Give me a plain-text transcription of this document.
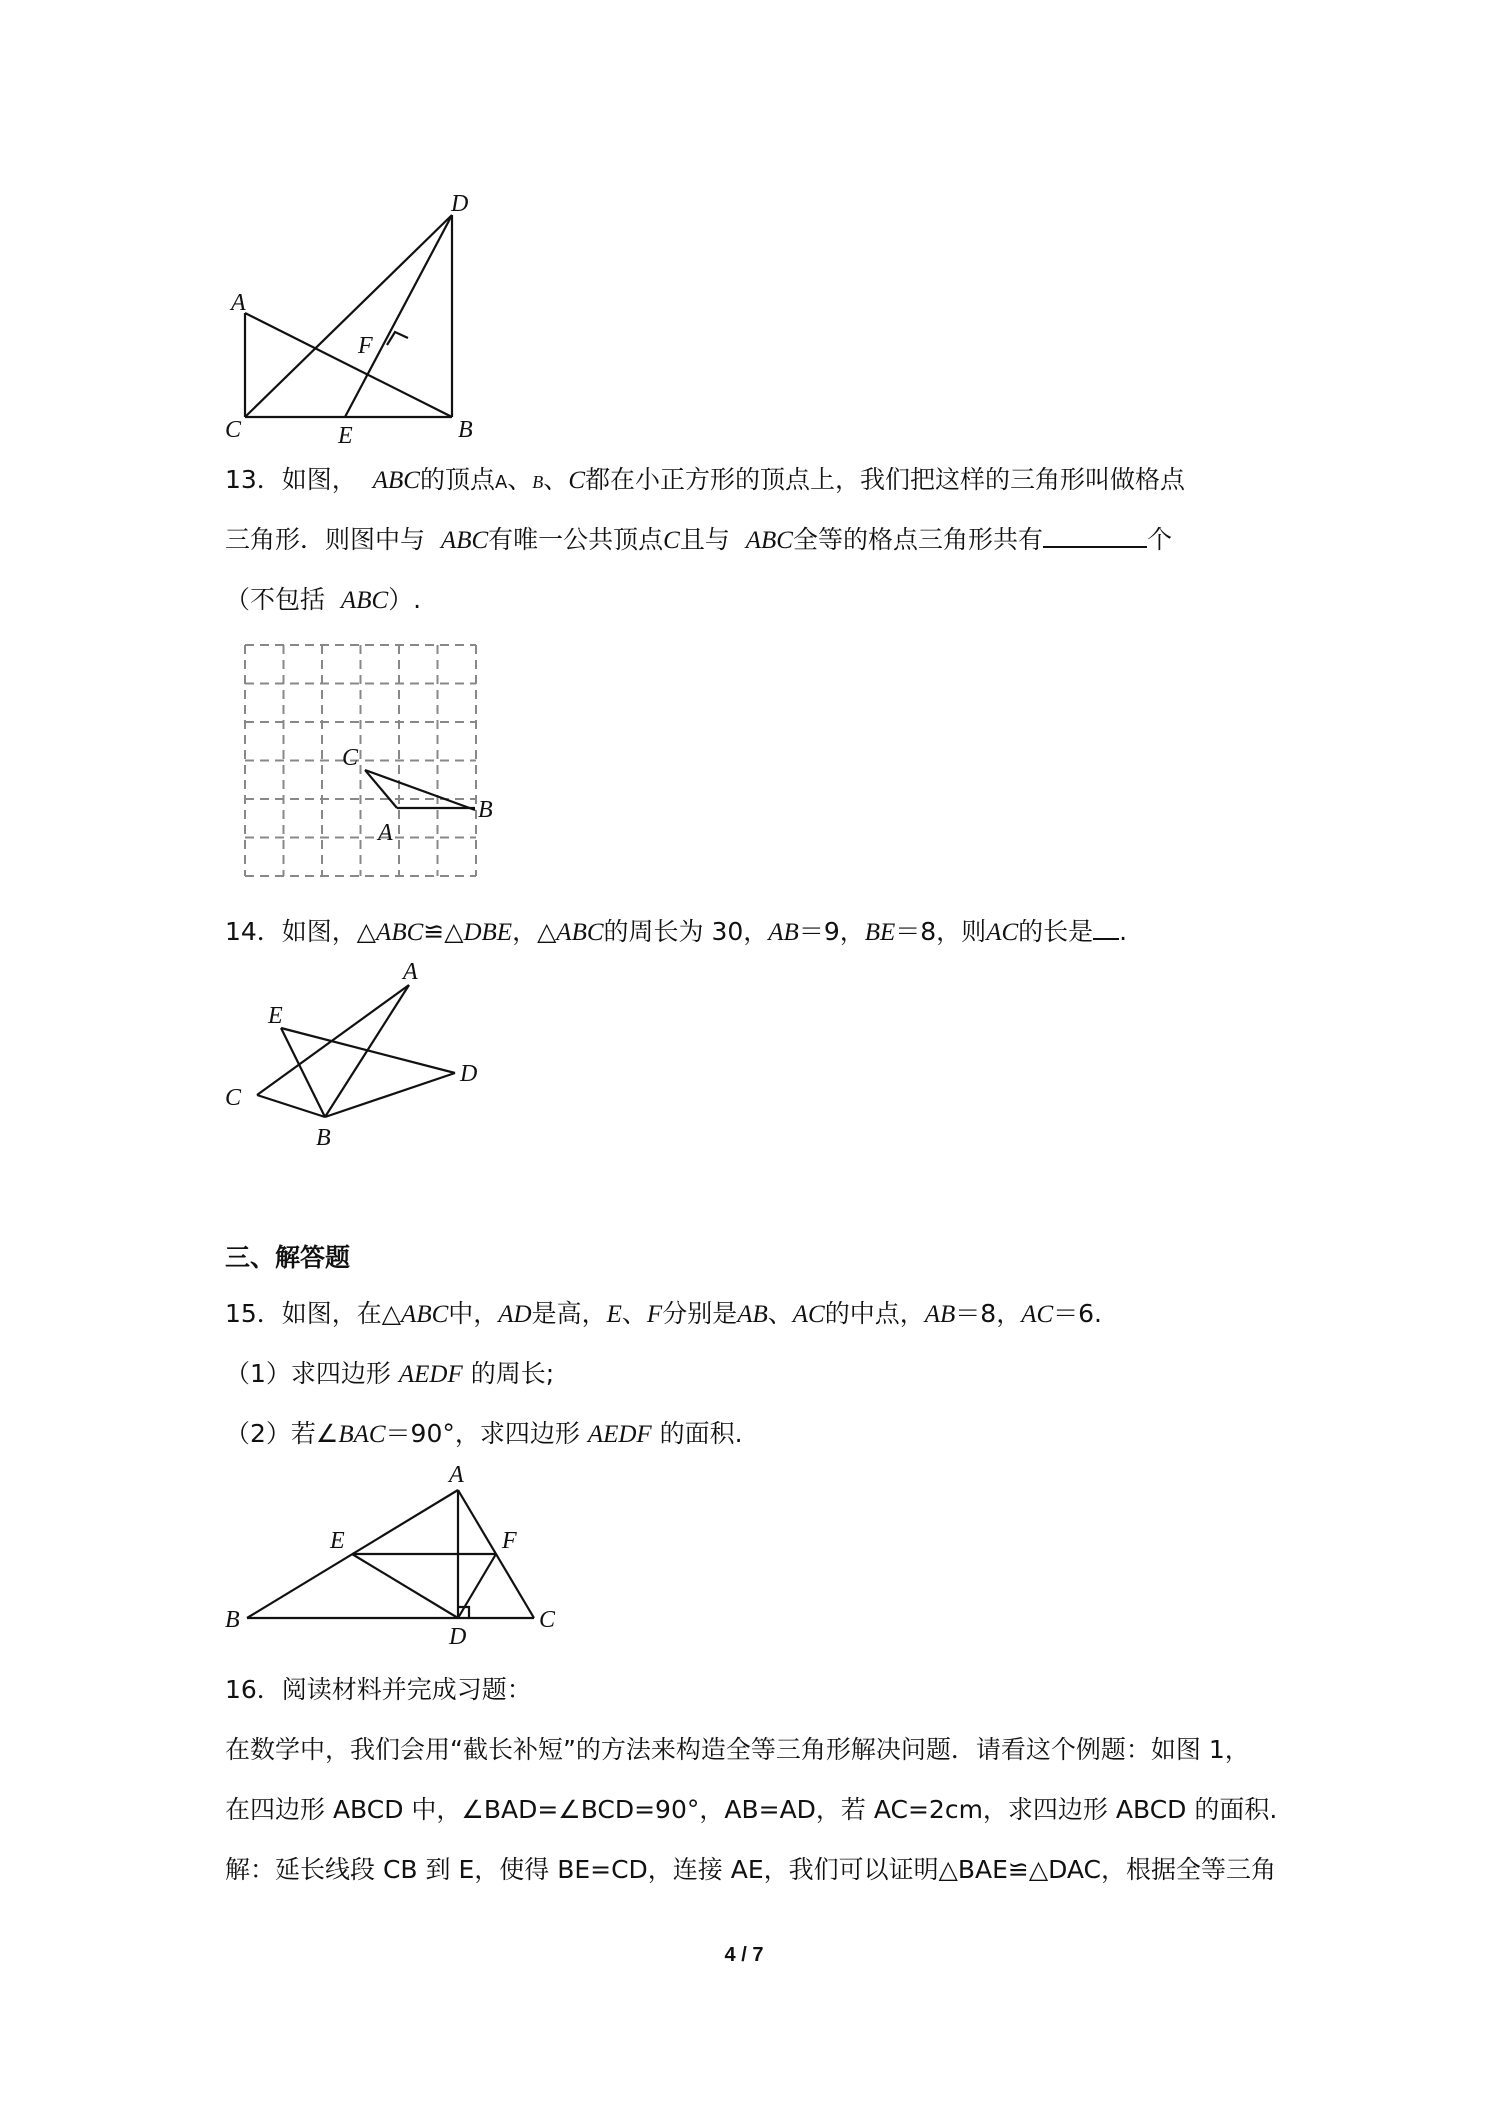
A
C	B
D
E
F
13．如图， ABC的顶点A、B、C都在小正方形的顶点上，我们把这样的三角形叫做格点
三角形．则图中与 ABC有唯一公共顶点C且与 ABC全等的格点三角形共有	个
（不包括 ABC）.
C
A
B
14．如图，△ABC≌△DBE，△ABC的周长为 30，AB＝9，BE＝8，则AC的长是 .
A
E
C
D
B
三、解答题
15．如图，在△ABC中，AD是高，E、F分别是AB、AC的中点，AB＝8，AC＝6.
（1）求四边形 AEDF 的周长;
（2）若∠BAC＝90°，求四边形 AEDF 的面积.
A
E	F
B
D
C
16．阅读材料并完成习题：
在数学中，我们会用“截长补短”的方法来构造全等三角形解决问题．请看这个例题：如图 1，
在四边形 ABCD 中，∠BAD=∠BCD=90°，AB=AD，若 AC=2cm，求四边形 ABCD 的面积.
解：延长线段 CB 到 E，使得 BE=CD，连接 AE，我们可以证明△BAE≌△DAC，根据全等三角
4 / 7
